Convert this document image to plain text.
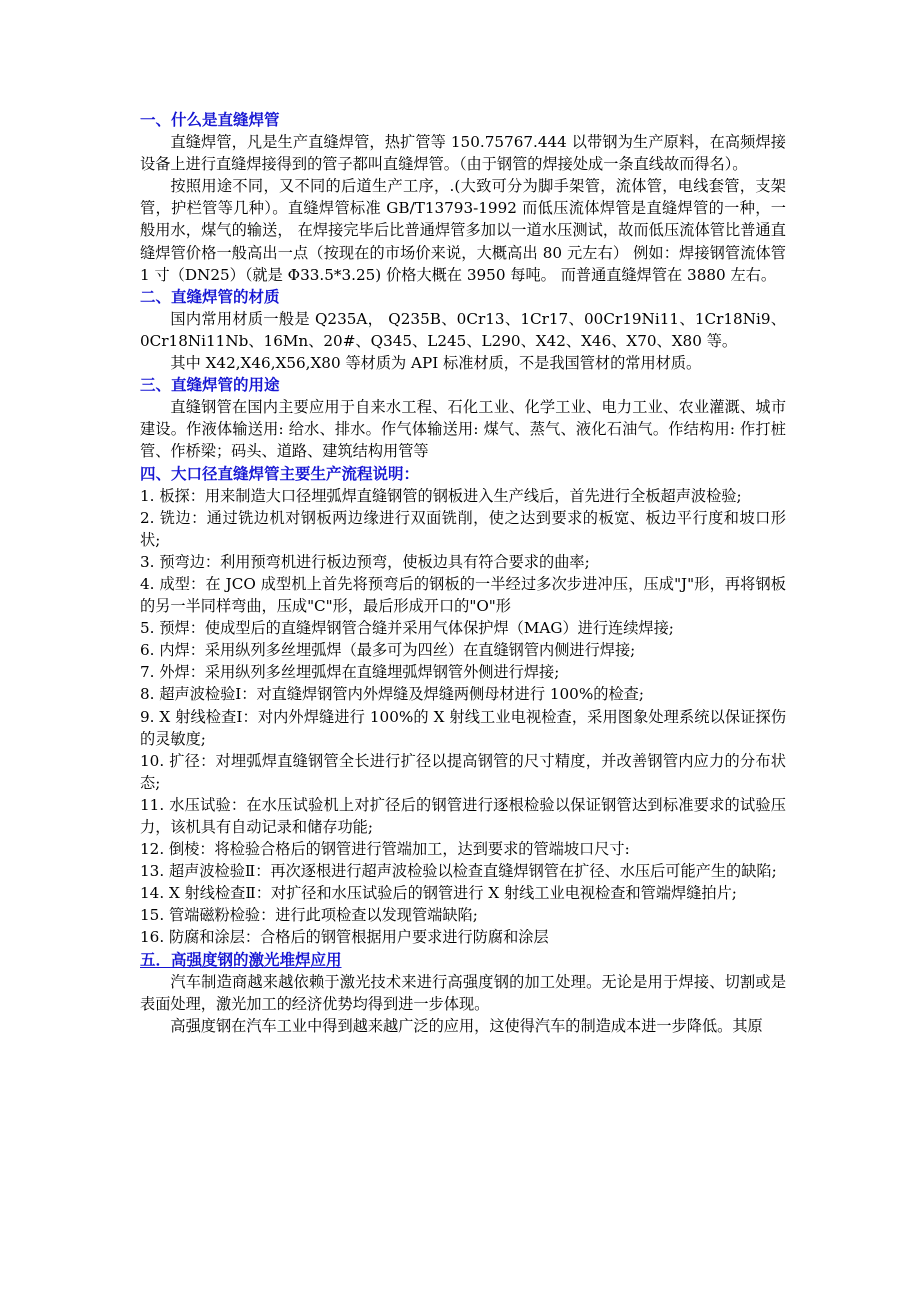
一、什么是直缝焊管

直缝焊管，凡是生产直缝焊管，热扩管等 150.75767.444 以带钢为生产原料，在高频焊接设备上进行直缝焊接得到的管子都叫直缝焊管。（由于钢管的焊接处成一条直线故而得名）。

按照用途不同，又不同的后道生产工序，.(大致可分为脚手架管，流体管，电线套管，支架管，护栏管等几种）。直缝焊管标准 GB/T13793-1992 而低压流体焊管是直缝焊管的一种，一般用水，煤气的输送， 在焊接完毕后比普通焊管多加以一道水压测试，故而低压流体管比普通直缝焊管价格一般高出一点（按现在的市场价来说，大概高出 80 元左右） 例如：焊接钢管流体管 1 寸（DN25）（就是 Φ33.5*3.25) 价格大概在 3950 每吨。 而普通直缝焊管在 3880 左右。

二、直缝焊管的材质

国内常用材质一般是 Q235A， Q235B、0Cr13、1Cr17、00Cr19Ni11、1Cr18Ni9、0Cr18Ni11Nb、16Mn、20#、Q345、L245、L290、X42、X46、X70、X80 等。

其中 X42,X46,X56,X80 等材质为 API 标准材质，不是我国管材的常用材质。

三、直缝焊管的用途

直缝钢管在国内主要应用于自来水工程、石化工业、化学工业、电力工业、农业灌溉、城市建设。作液体输送用: 给水、排水。作气体输送用: 煤气、蒸气、液化石油气。作结构用: 作打桩管、作桥梁；码头、道路、建筑结构用管等

四、大口径直缝焊管主要生产流程说明：

1. 板探：用来制造大口径埋弧焊直缝钢管的钢板进入生产线后，首先进行全板超声波检验;

2. 铣边：通过铣边机对钢板两边缘进行双面铣削，使之达到要求的板宽、板边平行度和坡口形状;

3. 预弯边：利用预弯机进行板边预弯，使板边具有符合要求的曲率;

4. 成型：在 JCO 成型机上首先将预弯后的钢板的一半经过多次步进冲压，压成"J"形，再将钢板的另一半同样弯曲，压成"C"形，最后形成开口的"O"形

5. 预焊：使成型后的直缝焊钢管合缝并采用气体保护焊（MAG）进行连续焊接;

6. 内焊：采用纵列多丝埋弧焊（最多可为四丝）在直缝钢管内侧进行焊接;

7. 外焊：采用纵列多丝埋弧焊在直缝埋弧焊钢管外侧进行焊接;

8. 超声波检验Ⅰ：对直缝焊钢管内外焊缝及焊缝两侧母材进行 100%的检查;

9. X 射线检查Ⅰ：对内外焊缝进行 100%的 X 射线工业电视检查，采用图象处理系统以保证探伤的灵敏度;

10. 扩径：对埋弧焊直缝钢管全长进行扩径以提高钢管的尺寸精度，并改善钢管内应力的分布状态;

11. 水压试验：在水压试验机上对扩径后的钢管进行逐根检验以保证钢管达到标准要求的试验压力，该机具有自动记录和储存功能;

12. 倒棱：将检验合格后的钢管进行管端加工，达到要求的管端坡口尺寸:

13. 超声波检验Ⅱ：再次逐根进行超声波检验以检查直缝焊钢管在扩径、水压后可能产生的缺陷;

14. X 射线检查Ⅱ：对扩径和水压试验后的钢管进行 X 射线工业电视检查和管端焊缝拍片;

15. 管端磁粉检验：进行此项检查以发现管端缺陷;

16. 防腐和涂层：合格后的钢管根据用户要求进行防腐和涂层

五．高强度钢的激光堆焊应用

汽车制造商越来越依赖于激光技术来进行高强度钢的加工处理。无论是用于焊接、切割或是表面处理，激光加工的经济优势均得到进一步体现。

高强度钢在汽车工业中得到越来越广泛的应用，这使得汽车的制造成本进一步降低。其原
